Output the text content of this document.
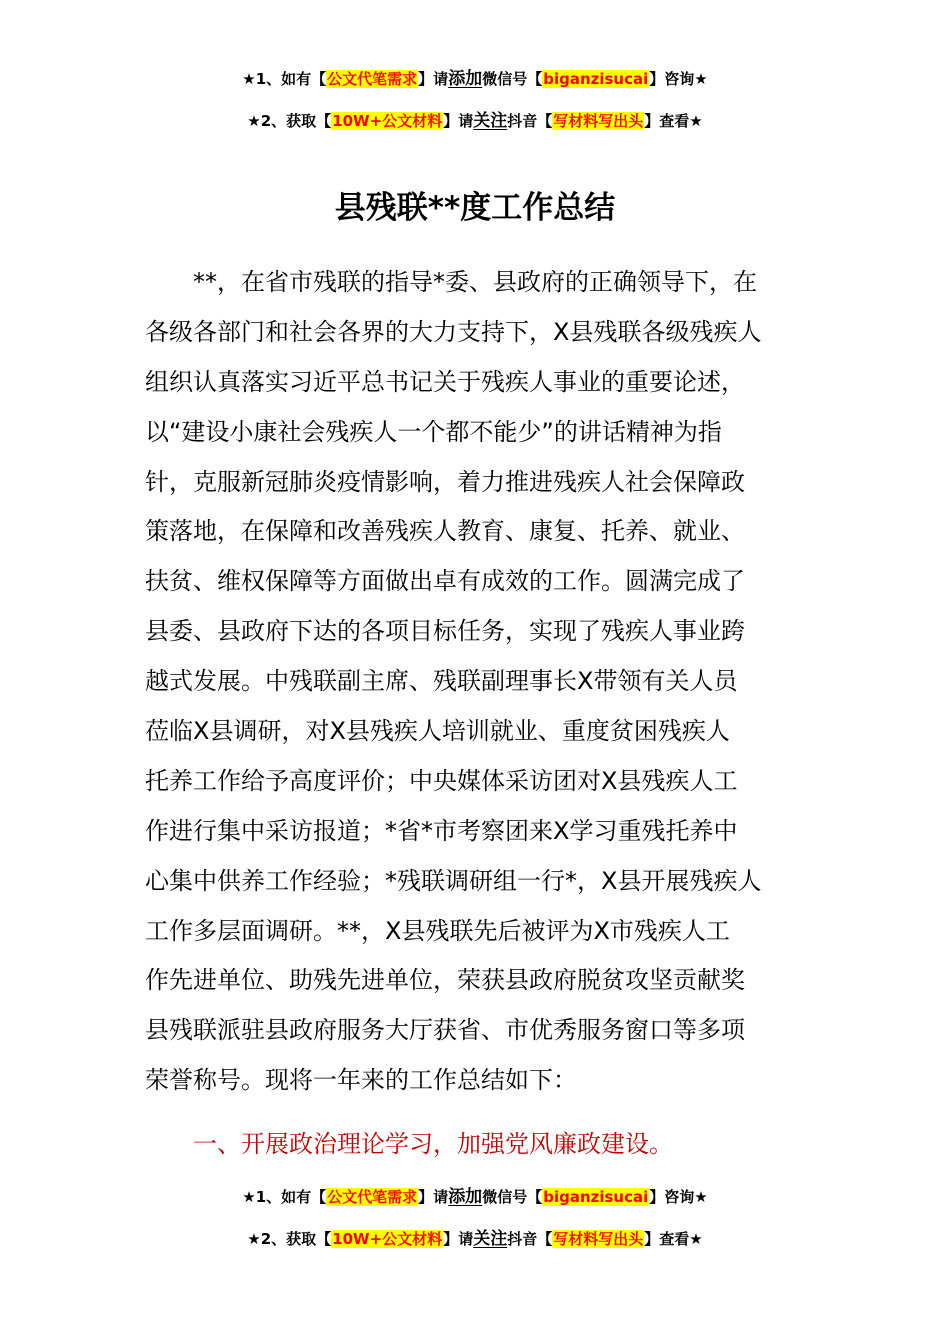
★1、如有【公文代笔需求】请添加微信号【biganzisucai】咨询★
★2、获取【10W+公文材料】请关注抖音【写材料写出头】查看★
县残联**度工作总结
　　**，在省市残联的指导*委、县政府的正确领导下，在
各级各部门和社会各界的大力支持下，X县残联各级残疾人
组织认真落实习近平总书记关于残疾人事业的重要论述，
以“建设小康社会残疾人一个都不能少”的讲话精神为指
针，克服新冠肺炎疫情影响，着力推进残疾人社会保障政
策落地，在保障和改善残疾人教育、康复、托养、就业、
扶贫、维权保障等方面做出卓有成效的工作。圆满完成了
县委、县政府下达的各项目标任务，实现了残疾人事业跨
越式发展。中残联副主席、残联副理事长X带领有关人员
莅临X县调研，对X县残疾人培训就业、重度贫困残疾人
托养工作给予高度评价；中央媒体采访团对X县残疾人工
作进行集中采访报道；*省*市考察团来X学习重残托养中
心集中供养工作经验；*残联调研组一行*，X县开展残疾人
工作多层面调研。**，X县残联先后被评为X市残疾人工
作先进单位、助残先进单位，荣获县政府脱贫攻坚贡献奖
县残联派驻县政府服务大厅获省、市优秀服务窗口等多项
荣誉称号。现将一年来的工作总结如下：
一、开展政治理论学习，加强党风廉政建设。
★1、如有【公文代笔需求】请添加微信号【biganzisucai】咨询★
★2、获取【10W+公文材料】请关注抖音【写材料写出头】查看★
